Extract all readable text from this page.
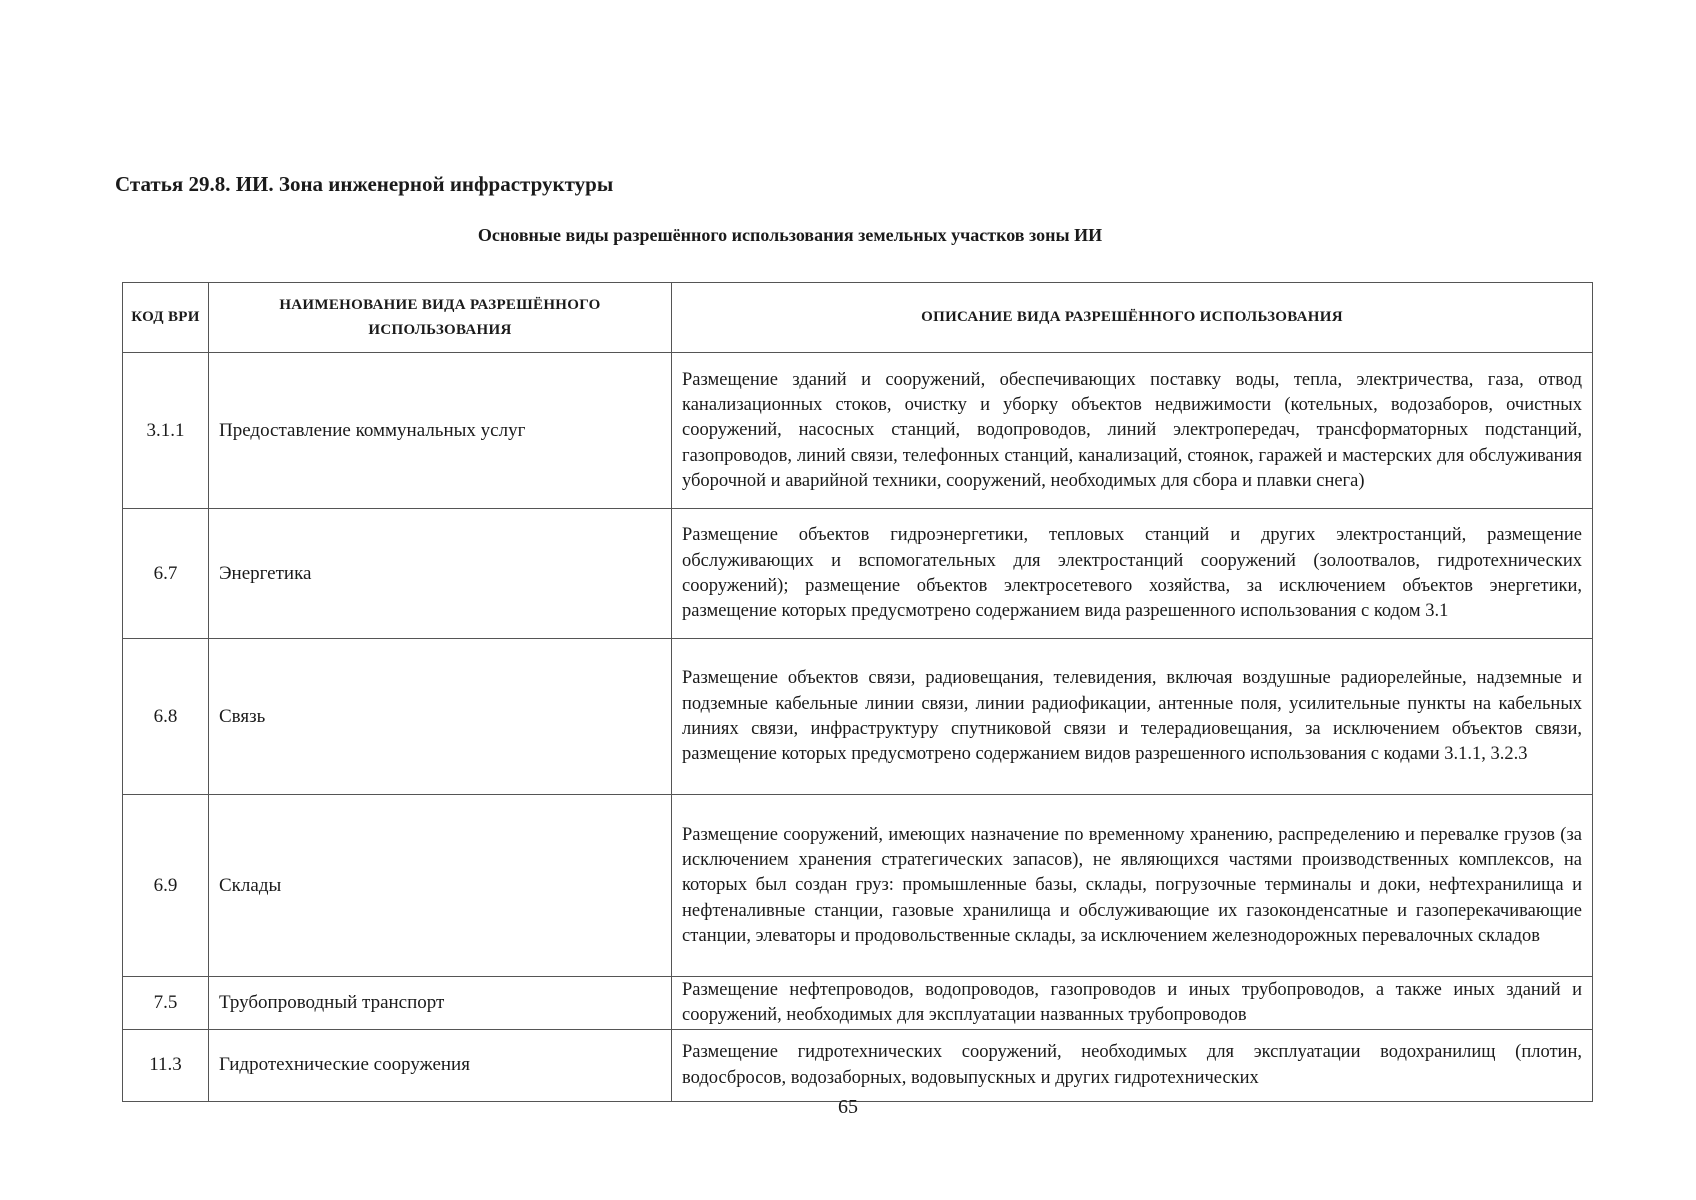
Статья 29.8. ИИ. Зона инженерной инфраструктуры
Основные виды разрешённого использования земельных участков зоны ИИ
КОД ВРИ	НАИМЕНОВАНИЕ ВИДА РАЗРЕШЁННОГО ИСПОЛЬЗОВАНИЯ	ОПИСАНИЕ ВИДА РАЗРЕШЁННОГО ИСПОЛЬЗОВАНИЯ
3.1.1	Предоставление коммунальных услуг	Размещение зданий и сооружений, обеспечивающих поставку воды, тепла, электричества, газа, отвод канализационных стоков, очистку и уборку объектов недвижимости (котельных, водозаборов, очистных сооружений, насосных станций, водопроводов, линий электропередач, трансформаторных подстанций, газопроводов, линий связи, телефонных станций, канализаций, стоянок, гаражей и мастерских для обслуживания уборочной и аварийной техники, сооружений, необходимых для сбора и плавки снега)
6.7	Энергетика	Размещение объектов гидроэнергетики, тепловых станций и других электростанций, размещение обслуживающих и вспомогательных для электростанций сооружений (золоотвалов, гидротехнических сооружений); размещение объектов электросетевого хозяйства, за исключением объектов энергетики, размещение которых предусмотрено содержанием вида разрешенного использования с кодом 3.1
6.8	Связь	Размещение объектов связи, радиовещания, телевидения, включая воздушные радиорелейные, надземные и подземные кабельные линии связи, линии радиофикации, антенные поля, усилительные пункты на кабельных линиях связи, инфраструктуру спутниковой связи и телерадиовещания, за исключением объектов связи, размещение которых предусмотрено содержанием видов разрешенного использования с кодами 3.1.1, 3.2.3
6.9	Склады	Размещение сооружений, имеющих назначение по временному хранению, распределению и перевалке грузов (за исключением хранения стратегических запасов), не являющихся частями производственных комплексов, на которых был создан груз: промышленные базы, склады, погрузочные терминалы и доки, нефтехранилища и нефтеналивные станции, газовые хранилища и обслуживающие их газоконденсатные и газоперекачивающие станции, элеваторы и продовольственные склады, за исключением железнодорожных перевалочных складов
7.5	Трубопроводный транспорт	Размещение нефтепроводов, водопроводов, газопроводов и иных трубопроводов, а также иных зданий и сооружений, необходимых для эксплуатации названных трубопроводов
11.3	Гидротехнические сооружения	Размещение гидротехнических сооружений, необходимых для эксплуатации водохранилищ (плотин, водосбросов, водозаборных, водовыпускных и других гидротехнических
65
